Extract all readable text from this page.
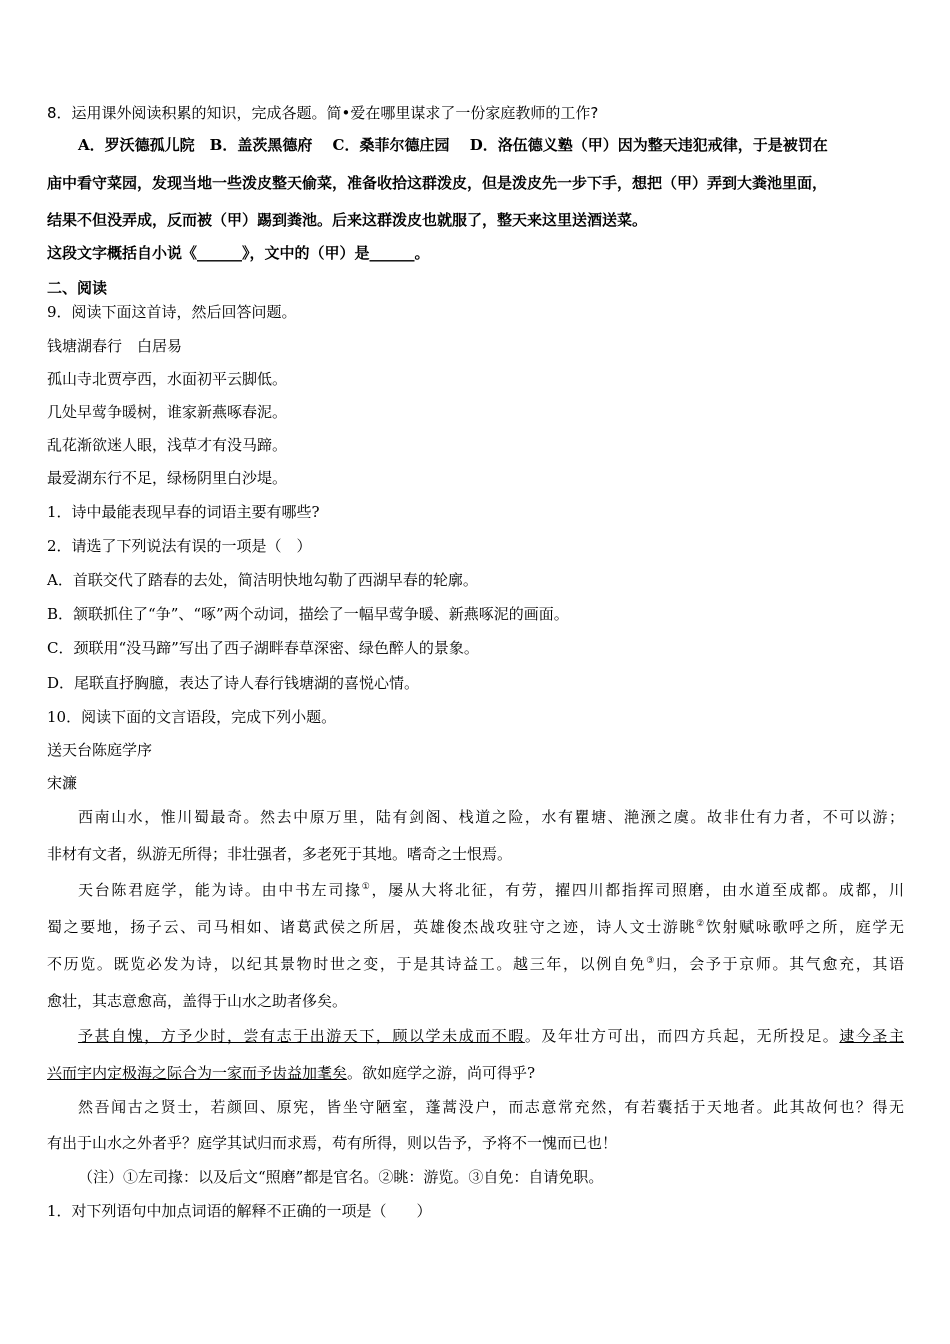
8．运用课外阅读积累的知识，完成各题。简•爱在哪里谋求了一份家庭教师的工作?
A．罗沃德孤儿院　B．盖茨黑德府　 C．桑菲尔德庄园　 D．洛伍德义塾（甲）因为整天违犯戒律，于是被罚在
庙中看守菜园，发现当地一些泼皮整天偷菜，准备收拾这群泼皮，但是泼皮先一步下手，想把（甲）弄到大粪池里面，
结果不但没弄成，反而被（甲）踢到粪池。后来这群泼皮也就服了，整天来这里送酒送菜。
这段文字概括自小说《______》，文中的（甲）是______。
二、阅读
9．阅读下面这首诗，然后回答问题。
钱塘湖春行　白居易
孤山寺北贾亭西，水面初平云脚低。
几处早莺争暖树，谁家新燕啄春泥。
乱花渐欲迷人眼，浅草才有没马蹄。
最爱湖东行不足，绿杨阴里白沙堤。
1．诗中最能表现早春的词语主要有哪些?
2．请选了下列说法有误的一项是（　）
A．首联交代了踏春的去处，简洁明快地勾勒了西湖早春的轮廓。
B．颔联抓住了“争”、“啄”两个动词，描绘了一幅早莺争暖、新燕啄泥的画面。
C．颈联用“没马蹄”写出了西子湖畔春草深密、绿色醉人的景象。
D．尾联直抒胸臆，表达了诗人春行钱塘湖的喜悦心情。
10．阅读下面的文言语段，完成下列小题。
送天台陈庭学序
宋濂
西南山水，惟川蜀最奇。然去中原万里，陆有剑阁、栈道之险，水有瞿塘、滟滪之虞。故非仕有力者，不可以游；
非材有文者，纵游无所得；非壮强者，多老死于其地。嗜奇之士恨焉。
天台陈君庭学，能为诗。由中书左司掾①，屡从大将北征，有劳，擢四川都指挥司照磨，由水道至成都。成都，川
蜀之要地，扬子云、司马相如、诸葛武侯之所居，英雄俊杰战攻驻守之迹，诗人文士游眺②饮射赋咏歌呼之所，庭学无
不历览。既览必发为诗，以纪其景物时世之变，于是其诗益工。越三年，以例自免③归，会予于京师。其气愈充，其语
愈壮，其志意愈高，盖得于山水之助者侈矣。
予甚自愧，方予少时，尝有志于出游天下，顾以学未成而不暇。及年壮方可出，而四方兵起，无所投足。逮今圣主
兴而宇内定极海之际合为一家而予齿益加耄矣。欲如庭学之游，尚可得乎?
然吾闻古之贤士，若颜回、原宪，皆坐守陋室，蓬蒿没户，而志意常充然，有若囊括于天地者。此其故何也？得无
有出于山水之外者乎？庭学其试归而求焉，苟有所得，则以告予，予将不一愧而已也！
（注）①左司掾：以及后文“照磨”都是官名。②眺：游览。③自免：自请免职。
1．对下列语句中加点词语的解释不正确的一项是（　　）
